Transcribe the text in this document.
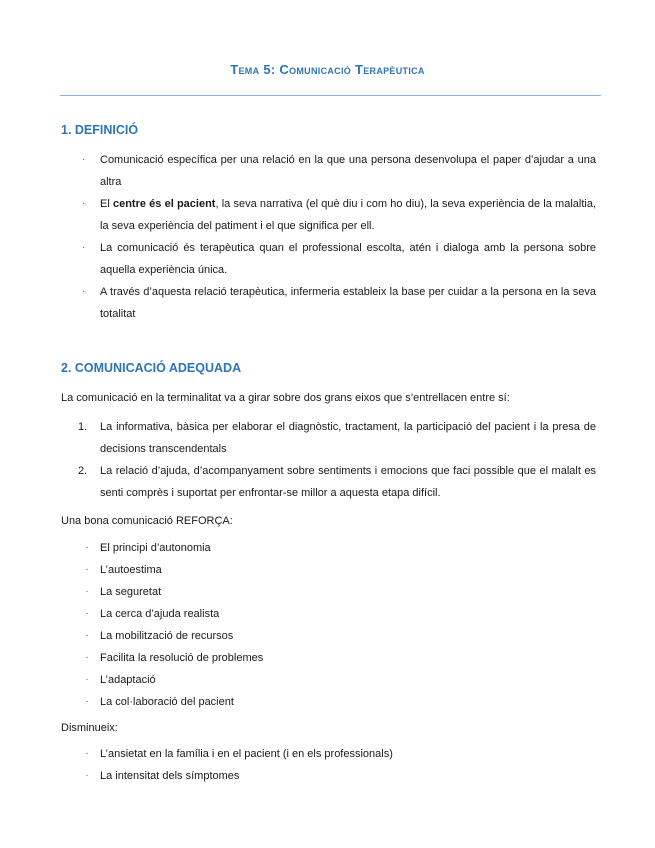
Tema 5: Comunicació Terapèutica
1. DEFINICIÓ
·	Comunicació específica per una relació en la que una persona desenvolupa el paper d’ajudar a una altra
·	El centre és el pacient, la seva narrativa (el què diu i com ho diu), la seva experiència de la malaltia, la seva experiència del patiment i el que significa per ell.
·	La comunicació és terapèutica quan el professional escolta, atén i dialoga amb la persona sobre aquella experiència única.
·	A través d’aquesta relació terapèutica, infermeria estableix la base per cuidar a la persona en la seva totalitat
2. COMUNICACIÓ ADEQUADA

La comunicació en la terminalitat va a girar sobre dos grans eixos que s’entrellacen entre sí:

1.	La informativa, bàsica per elaborar el diagnòstic, tractament, la participació del pacient i la presa de decisions transcendentals
2.	La relació d’ajuda, d’acompanyament sobre sentiments i emocions que faci possible que el malalt es senti comprès i suportat per enfrontar-se millor a aquesta etapa difícil.

Una bona comunicació REFORÇA:

·	El principi d’autonomia
·	L’autoestima
·	La seguretat
·	La cerca d’ajuda realista
·	La mobilització de recursos
·	Facilita la resolució de problemes
·	L’adaptació
·	La col·laboració del pacient

Disminueix:

·	L’ansietat en la família i en el pacient (i en els professionals)
·	La intensitat dels símptomes
